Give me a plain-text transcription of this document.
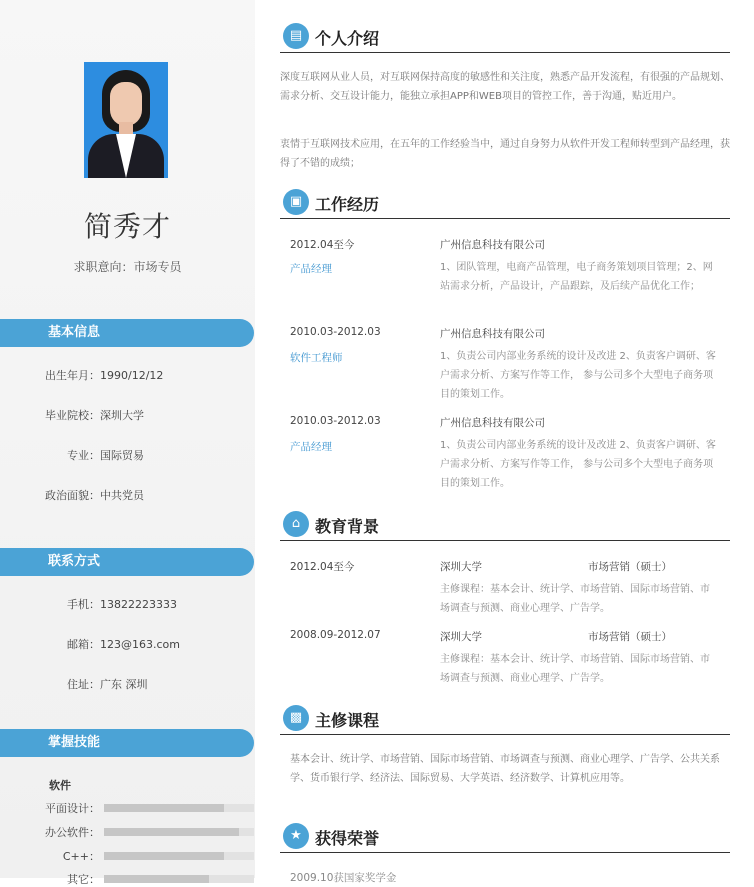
简秀才
求职意向：市场专员
基本信息
出生年月：1990/12/12
毕业院校：深圳大学
专业：国际贸易
政治面貌：中共党员
联系方式
手机：13822223333
邮箱：123@163.com
住址：广东 深圳
掌握技能
软件
平面设计：
办公软件：
C++：
其它：
▤ 个人介绍
深度互联网从业人员，对互联网保持高度的敏感性和关注度，熟悉产品开发流程，有很强的产品规划、需求分析、交互设计能力，能独立承担APP和WEB项目的管控工作，善于沟通，贴近用户。
衷情于互联网技术应用，在五年的工作经验当中，通过自身努力从软件开发工程师转型到产品经理，获得了不错的成绩；
▣ 工作经历
2012.04至今	广州信息科技有限公司
产品经理	1、团队管理，电商产品管理，电子商务策划项目管理；2、网站需求分析，产品设计，产品跟踪，及后续产品优化工作；
2010.03-2012.03	广州信息科技有限公司
软件工程师	1、负责公司内部业务系统的设计及改进 2、负责客户调研、客户需求分析、方案写作等工作， 参与公司多个大型电子商务项目的策划工作。
2010.03-2012.03	广州信息科技有限公司
产品经理	1、负责公司内部业务系统的设计及改进 2、负责客户调研、客户需求分析、方案写作等工作， 参与公司多个大型电子商务项目的策划工作。
⌂ 教育背景
2012.04至今	深圳大学	市场营销（硕士）
主修课程：基本会计、统计学、市场营销、国际市场营销、市场调查与预测、商业心理学、广告学。
2008.09-2012.07	深圳大学	市场营销（硕士）
主修课程：基本会计、统计学、市场营销、国际市场营销、市场调查与预测、商业心理学、广告学。
▩ 主修课程
基本会计、统计学、市场营销、国际市场营销、市场调查与预测、商业心理学、广告学、公共关系学、货币银行学、经济法、国际贸易、大学英语、经济数学、计算机应用等。
★ 获得荣誉
2009.10获国家奖学金
